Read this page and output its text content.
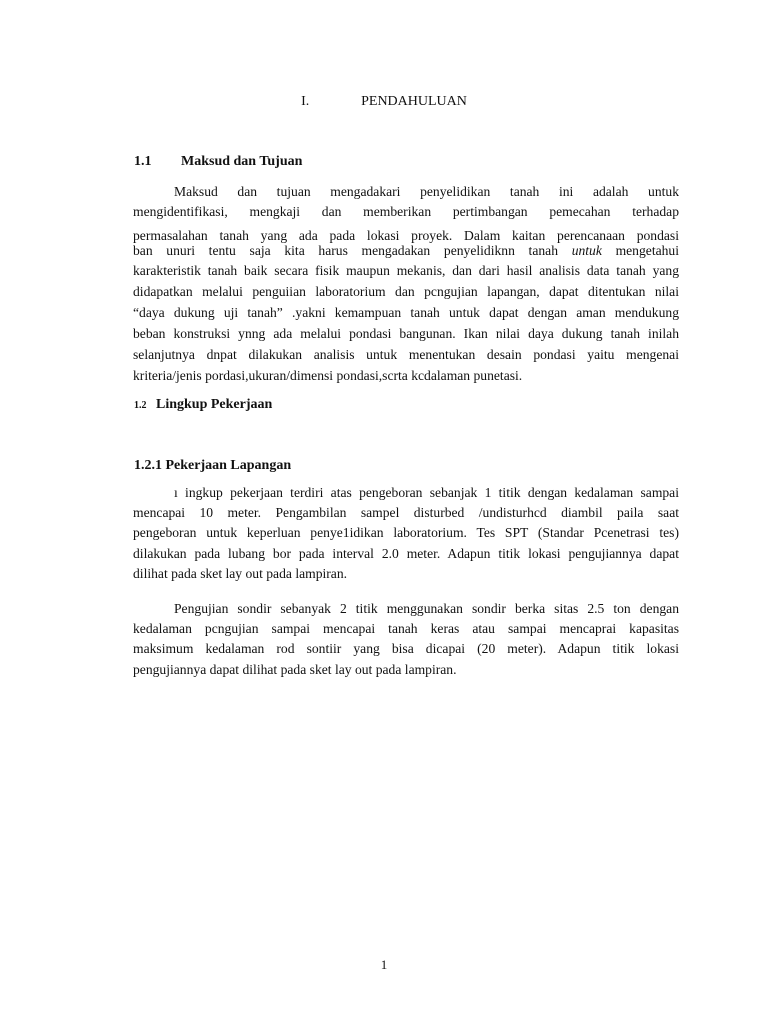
I.	PENDAHULUAN
1.1 Maksud dan Tujuan
Maksud dan tujuan mengadakari penyelidikan tanah ini adalah untuk
mengidentifikasi, mengkaji dan memberikan pertimbangan pemecahan terhadap
permasalahan tanah yang ada pada lokasi proyek. Dalam kaitan perencanaan pondasi
ban unuri tentu saja kita harus mengadakan penyelidiknn tanah untuk mengetahui
karakteristik tanah baik secara fisik maupun mekanis, dan dari hasil analisis data tanah yang
didapatkan melalui penguiian laboratorium dan pcngujian lapangan, dapat ditentukan nilai
“daya dukung uji tanah” .yakni kemampuan tanah untuk dapat dengan aman mendukung
beban konstruksi ynng ada melalui pondasi bangunan. Ikan nilai daya dukung tanah inilah
selanjutnya dnpat dilakukan analisis untuk menentukan desain pondasi yaitu mengenai
kriteria/jenis pordasi,ukuran/dimensi pondasi,scrta kcdalaman punetasi.
1.2 Lingkup Pekerjaan
1.2.1 Pekerjaan Lapangan
ı ingkup pekerjaan terdiri atas pengeboran sebanjak 1 titik dengan kedalaman sampai
mencapai 10 meter. Pengambilan sampel disturbed /undisturhcd diambil paila saat
pengeboran untuk keperluan penye1idikan laboratorium. Tes SPT (Standar Pcenetrasi tes)
dilakukan pada lubang bor pada interval 2.0 meter. Adapun titik lokasi pengujiannya dapat
dilihat pada sket lay out pada lampiran.
Pengujian sondir sebanyak 2 titik menggunakan sondir berka sitas 2.5 ton dengan
kedalaman pcngujian sampai mencapai tanah keras atau sampai mencaprai kapasitas
maksimum kedalaman rod sontiir yang bisa dicapai (20 meter). Adapun titik lokasi
pengujiannya dapat dilihat pada sket lay out pada lampiran.
1
